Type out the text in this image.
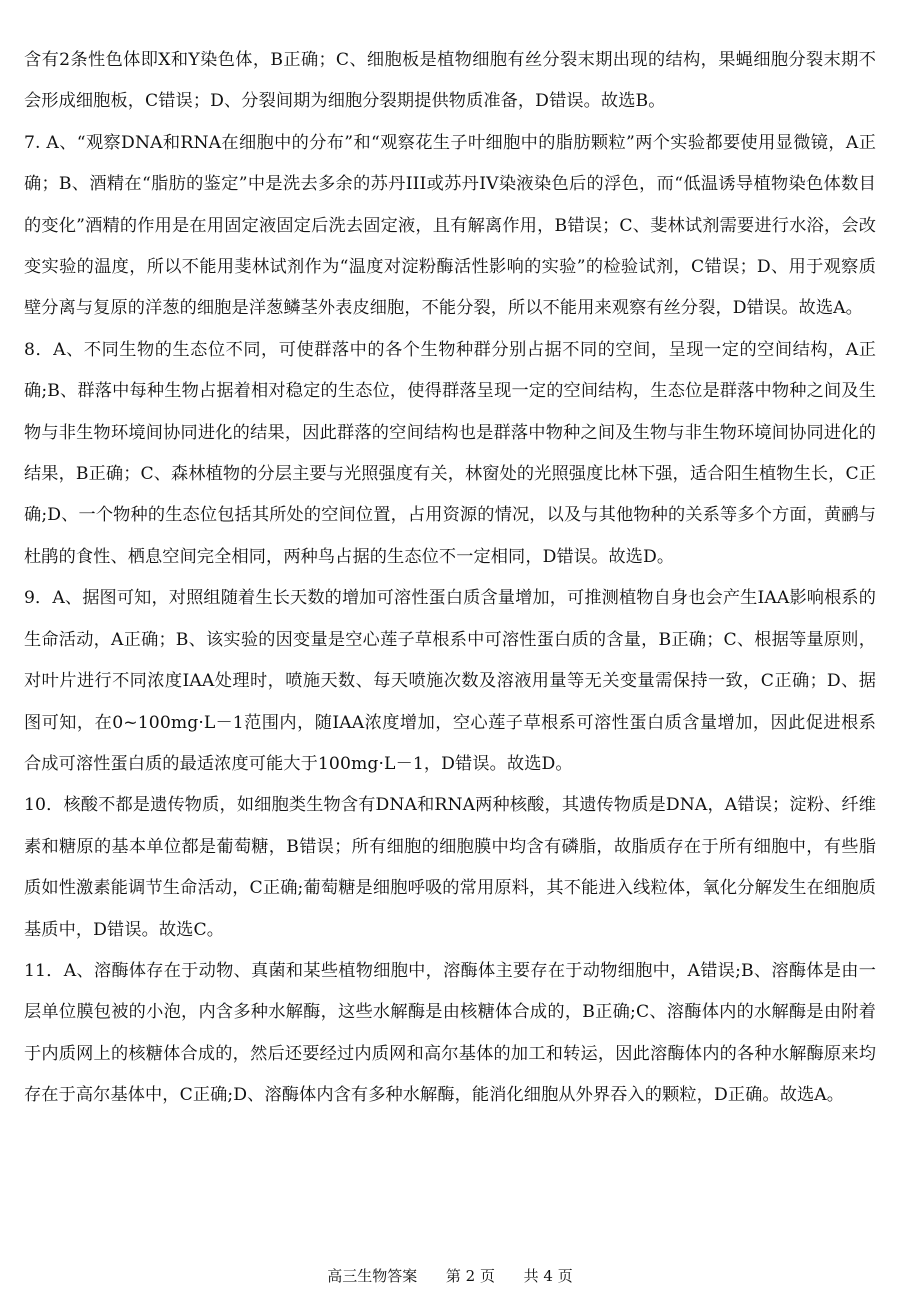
含有2条性色体即X和Y染色体，B正确；C、细胞板是植物细胞有丝分裂末期出现的结构，果蝇细胞分裂末期不会形成细胞板，C错误；D、分裂间期为细胞分裂期提供物质准备，D错误。故选B。

7. A、“观察DNA和RNA在细胞中的分布”和“观察花生子叶细胞中的脂肪颗粒”两个实验都要使用显微镜，A正确；B、酒精在“脂肪的鉴定”中是洗去多余的苏丹III或苏丹IV染液染色后的浮色，而“低温诱导植物染色体数目的变化”酒精的作用是在用固定液固定后洗去固定液，且有解离作用，B错误；C、斐林试剂需要进行水浴，会改变实验的温度，所以不能用斐林试剂作为“温度对淀粉酶活性影响的实验”的检验试剂，C错误；D、用于观察质壁分离与复原的洋葱的细胞是洋葱鳞茎外表皮细胞，不能分裂，所以不能用来观察有丝分裂，D错误。故选A。

8．A、不同生物的生态位不同，可使群落中的各个生物种群分别占据不同的空间，呈现一定的空间结构，A正确;B、群落中每种生物占据着相对稳定的生态位，使得群落呈现一定的空间结构，生态位是群落中物种之间及生物与非生物环境间协同进化的结果，因此群落的空间结构也是群落中物种之间及生物与非生物环境间协同进化的结果，B正确；C、森林植物的分层主要与光照强度有关，林窗处的光照强度比林下强，适合阳生植物生长，C正确;D、一个物种的生态位包括其所处的空间位置，占用资源的情况，以及与其他物种的关系等多个方面，黄鹂与杜鹃的食性、栖息空间完全相同，两种鸟占据的生态位不一定相同，D错误。故选D。

9．A、据图可知，对照组随着生长天数的增加可溶性蛋白质含量增加，可推测植物自身也会产生IAA影响根系的生命活动，A正确；B、该实验的因变量是空心莲子草根系中可溶性蛋白质的含量，B正确；C、根据等量原则，对叶片进行不同浓度IAA处理时，喷施天数、每天喷施次数及溶液用量等无关变量需保持一致，C正确；D、据图可知，在0~100mg·L－1范围内，随IAA浓度增加，空心莲子草根系可溶性蛋白质含量增加，因此促进根系合成可溶性蛋白质的最适浓度可能大于100mg·L－1，D错误。故选D。

10．核酸不都是遗传物质，如细胞类生物含有DNA和RNA两种核酸，其遗传物质是DNA，A错误；淀粉、纤维素和糖原的基本单位都是葡萄糖，B错误；所有细胞的细胞膜中均含有磷脂，故脂质存在于所有细胞中，有些脂质如性激素能调节生命活动，C正确;葡萄糖是细胞呼吸的常用原料，其不能进入线粒体，氧化分解发生在细胞质基质中，D错误。故选C。

11．A、溶酶体存在于动物、真菌和某些植物细胞中，溶酶体主要存在于动物细胞中，A错误;B、溶酶体是由一层单位膜包被的小泡，内含多种水解酶，这些水解酶是由核糖体合成的，B正确;C、溶酶体内的水解酶是由附着于内质网上的核糖体合成的，然后还要经过内质网和高尔基体的加工和转运，因此溶酶体内的各种水解酶原来均存在于高尔基体中，C正确;D、溶酶体内含有多种水解酶，能消化细胞从外界吞入的颗粒，D正确。故选A。

高三生物答案 第 2 页 共 4 页
